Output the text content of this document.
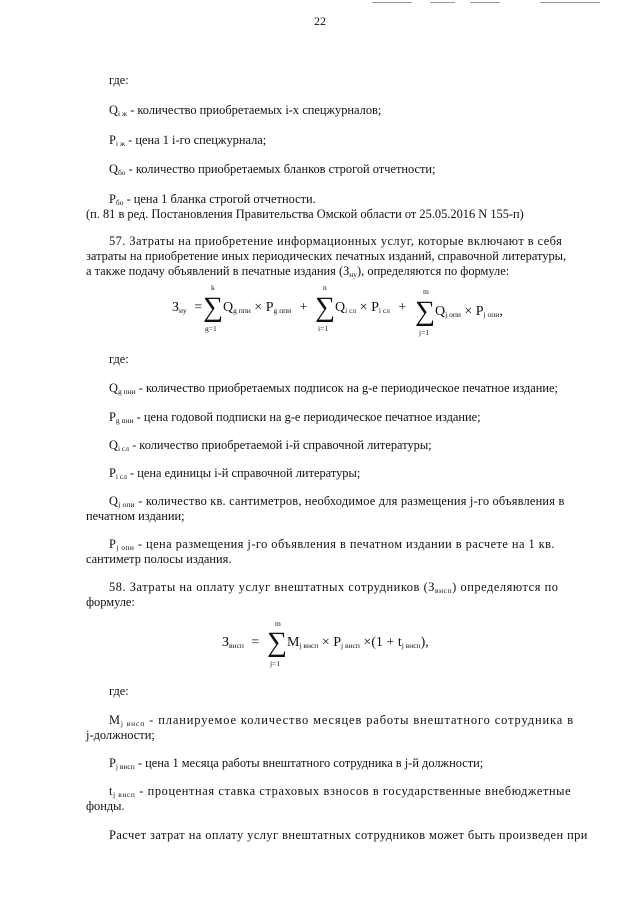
22
где:
Qi ж - количество приобретаемых i-х спецжурналов;
Pi ж - цена 1 i-го спецжурнала;
Qбо - количество приобретаемых бланков строгой отчетности;
Pбо - цена 1 бланка строгой отчетности.
(п. 81 в ред. Постановления Правительства Омской области от 25.05.2016 N 155-п)
57. Затраты на приобретение информационных услуг, которые включают в себя
затраты на приобретение иных периодических печатных изданий, справочной литературы,
а также подачу объявлений в печатные издания (Зиу), определяются по формуле:
Зиу =
k
∑
g=1
Qg ппи × Pg ппи +
n
∑
i=1
Qi сл × Pi сл +
m
∑
j=1
Qj опи × Pj опи,
где:
Qg пни - количество приобретаемых подписок на g-е периодическое печатное издание;
Pg пни - цена годовой подписки на g-е периодическое печатное издание;
Qi сл - количество приобретаемой i-й справочной литературы;
Pi сл - цена единицы i-й справочной литературы;
Qj опи - количество кв. сантиметров, необходимое для размещения j-го объявления в
печатном издании;
Pj опи - цена размещения j-го объявления в печатном издании в расчете на 1 кв.
сантиметр полосы издания.
58. Затраты на оплату услуг внештатных сотрудников (Звнсп) определяются по
формуле:
Звнсп =
m
∑
j=1
Mj внсп × Pj внсп ×(1 + tj внсп),
где:
Mj внсп - планируемое количество месяцев работы внештатного сотрудника в
j-должности;
Pj внсп - цена 1 месяца работы внештатного сотрудника в j-й должности;
tj внсп - процентная ставка страховых взносов в государственные внебюджетные
фонды.
Расчет затрат на оплату услуг внештатных сотрудников может быть произведен при
